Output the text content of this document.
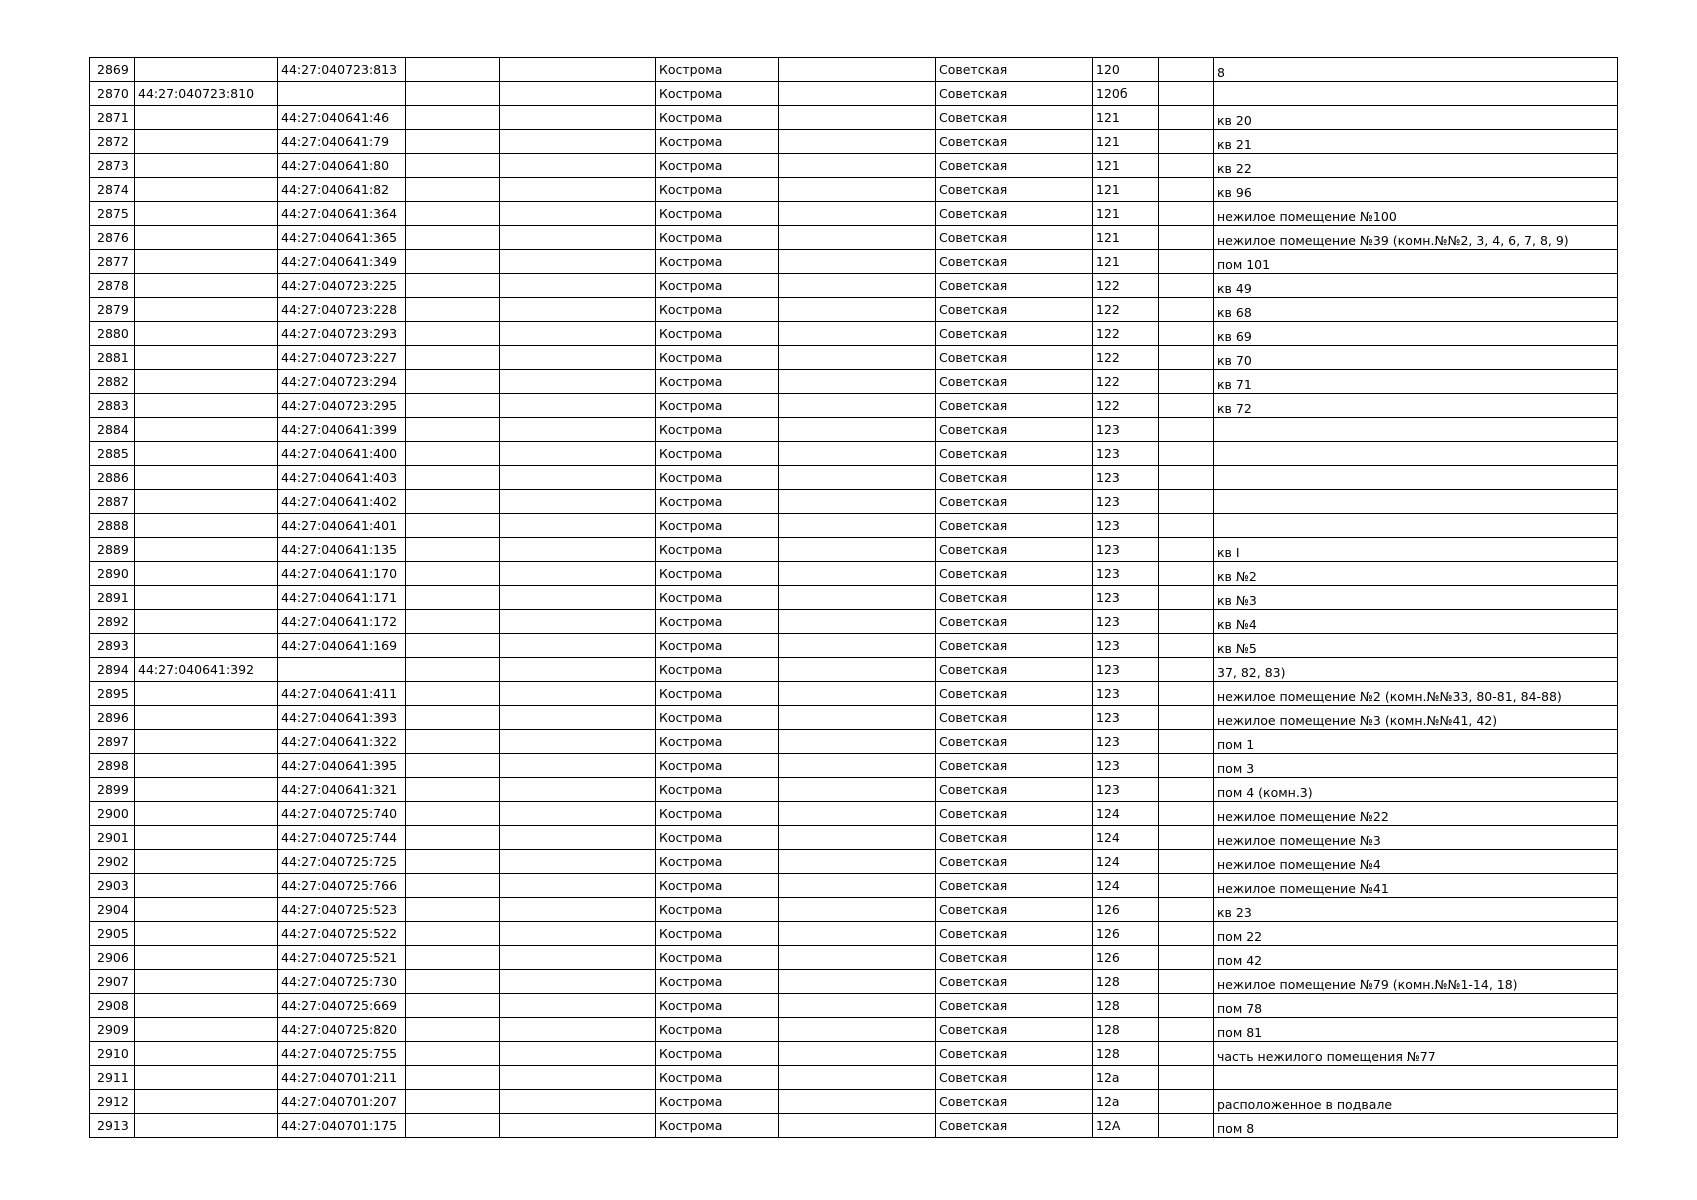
2869		44:27:040723:813			Кострома		Советская	120		8
2870	44:27:040723:810				Кострома		Советская	120б		
2871		44:27:040641:46			Кострома		Советская	121		кв 20
2872		44:27:040641:79			Кострома		Советская	121		кв 21
2873		44:27:040641:80			Кострома		Советская	121		кв 22
2874		44:27:040641:82			Кострома		Советская	121		кв 96
2875		44:27:040641:364			Кострома		Советская	121		нежилое помещение №100
2876		44:27:040641:365			Кострома		Советская	121		нежилое помещение №39 (комн.№№2, 3, 4, 6, 7, 8, 9)
2877		44:27:040641:349			Кострома		Советская	121		пом 101
2878		44:27:040723:225			Кострома		Советская	122		кв 49
2879		44:27:040723:228			Кострома		Советская	122		кв 68
2880		44:27:040723:293			Кострома		Советская	122		кв 69
2881		44:27:040723:227			Кострома		Советская	122		кв 70
2882		44:27:040723:294			Кострома		Советская	122		кв 71
2883		44:27:040723:295			Кострома		Советская	122		кв 72
2884		44:27:040641:399			Кострома		Советская	123		
2885		44:27:040641:400			Кострома		Советская	123		
2886		44:27:040641:403			Кострома		Советская	123		
2887		44:27:040641:402			Кострома		Советская	123		
2888		44:27:040641:401			Кострома		Советская	123		
2889		44:27:040641:135			Кострома		Советская	123		кв I
2890		44:27:040641:170			Кострома		Советская	123		кв №2
2891		44:27:040641:171			Кострома		Советская	123		кв №3
2892		44:27:040641:172			Кострома		Советская	123		кв №4
2893		44:27:040641:169			Кострома		Советская	123		кв №5
2894	44:27:040641:392				Кострома		Советская	123		37, 82, 83)
2895		44:27:040641:411			Кострома		Советская	123		нежилое помещение №2 (комн.№№33, 80-81, 84-88)
2896		44:27:040641:393			Кострома		Советская	123		нежилое помещение №3 (комн.№№41, 42)
2897		44:27:040641:322			Кострома		Советская	123		пом 1
2898		44:27:040641:395			Кострома		Советская	123		пом 3
2899		44:27:040641:321			Кострома		Советская	123		пом 4 (комн.3)
2900		44:27:040725:740			Кострома		Советская	124		нежилое помещение №22
2901		44:27:040725:744			Кострома		Советская	124		нежилое помещение №3
2902		44:27:040725:725			Кострома		Советская	124		нежилое помещение №4
2903		44:27:040725:766			Кострома		Советская	124		нежилое помещение №41
2904		44:27:040725:523			Кострома		Советская	126		кв 23
2905		44:27:040725:522			Кострома		Советская	126		пом 22
2906		44:27:040725:521			Кострома		Советская	126		пом 42
2907		44:27:040725:730			Кострома		Советская	128		нежилое помещение №79 (комн.№№1-14, 18)
2908		44:27:040725:669			Кострома		Советская	128		пом 78
2909		44:27:040725:820			Кострома		Советская	128		пом 81
2910		44:27:040725:755			Кострома		Советская	128		часть нежилого помещения №77
2911		44:27:040701:211			Кострома		Советская	12а		
2912		44:27:040701:207			Кострома		Советская	12а		расположенное в подвале
2913		44:27:040701:175			Кострома		Советская	12А		пом 8
